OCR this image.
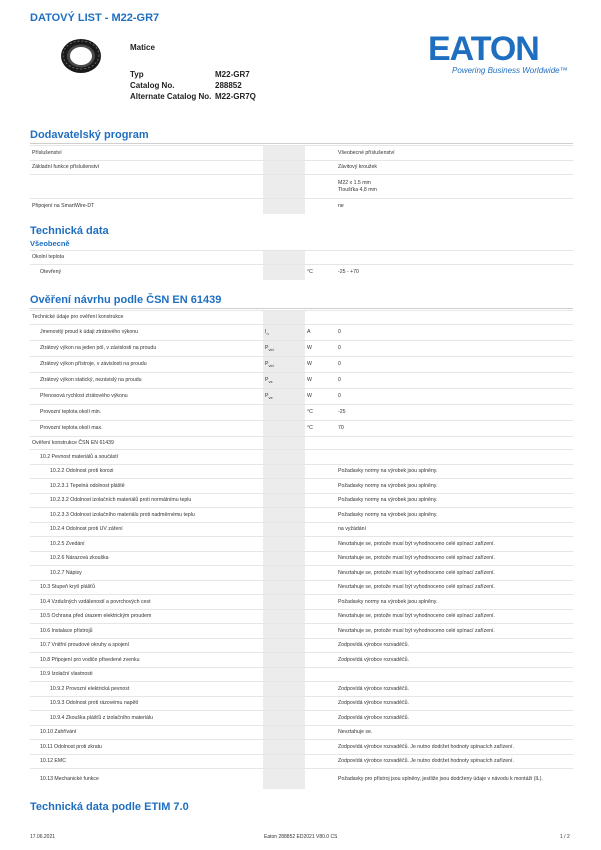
DATOVÝ LIST - M22-GR7
Matice
Typ	M22-GR7
Catalog No.	288852
Alternate Catalog No. M22-GR7Q
EATON
Powering Business Worldwide™
Dodavatelský program
Příslušenství			Všeobecné příslušenství
Základní funkce příslušenství			Závitový kroužek

			M22 x 1.5 mm
Tloušťka 4,8 mm

Připojení na SmartWire-DT			ne
Technická data
Všeobecně
Okolní teplota			
Otevřený		°C	-25 - +70
Ověření návrhu podle ČSN EN 61439
Technické údaje pro ověření konstrukce			
Jmenovitý proud k údaji ztrátového výkonu	$I_n$	A	0
Ztrátový výkon na jeden pól, v závislosti na proudu	$P_{vid}$	W	0
Ztrátový výkon přístroje, v závislosti na proudu	$P_{vid}$	W	0
Ztrátový výkon statický, nezávislý na proudu	$P_{vs}$	W	0
Přenosová rychlost ztrátového výkonu	$P_{ve}$	W	0
Provozní teplota okolí min.		°C	-25
Provozní teplota okolí max.		°C	70
Ověření konstrukce ČSN EN 61439			
10.2 Pevnost materiálů a součástí			
10.2.2 Odolnost proti korozi			Požadavky normy na výrobek jsou splněny.
10.2.3.1 Tepelná odolnost pláště			Požadavky normy na výrobek jsou splněny.
10.2.3.2 Odolnost izolačních materiálů proti normálnímu teplu			Požadavky normy na výrobek jsou splněny.
10.2.3.3 Odolnost izolačního materiálu proti nadměrnému teplu			Požadavky normy na výrobek jsou splněny.
10.2.4 Odolnost proti UV záření			na vyžádání
10.2.5 Zvedání			Nevztahuje se, protože musí být vyhodnoceno celé spínací zařízení.
10.2.6 Nárazová zkouška			Nevztahuje se, protože musí být vyhodnoceno celé spínací zařízení.
10.2.7 Nápisy			Nevztahuje se, protože musí být vyhodnoceno celé spínací zařízení.
10.3 Stupeň krytí plášťů			Nevztahuje se, protože musí být vyhodnoceno celé spínací zařízení.
10.4 Vzdušných vzdáleností a povrchových cest			Požadavky normy na výrobek jsou splněny.
10.5 Ochrana před úrazem elektrickým proudem			Nevztahuje se, protože musí být vyhodnoceno celé spínací zařízení.
10.6 Instalace přístrojů			Nevztahuje se, protože musí být vyhodnoceno celé spínací zařízení.
10.7 Vnitřní proudové okruhy a spojení			Zodpovídá výrobce rozvaděčů.
10.8 Připojení pro vodiče přivedené zvenku			Zodpovídá výrobce rozvaděčů.
10.9 Izolační vlastnosti			
10.9.2 Provozní elektrická pevnost			Zodpovídá výrobce rozvaděčů.
10.9.3 Odolnost proti rázovému napětí			Zodpovídá výrobce rozvaděčů.
10.9.4 Zkouška plášťů z izolačního materiálu			Zodpovídá výrobce rozvaděčů.
10.10 Zahřívání			Nevztahuje se.
10.11 Odolnost proti zkratu			Zodpovídá výrobce rozvaděčů. Je nutno dodržet hodnoty spínacích zařízení.
10.12 EMC			Zodpovídá výrobce rozvaděčů. Je nutno dodržet hodnoty spínacích zařízení.
10.13 Mechanické funkce			Požadavky pro přístroj jsou splněny, jestliže jsou dodrženy údaje v návodu k montáži (IL).
Technická data podle ETIM 7.0
17.06.2021	Eaton 288852 ED2021 V80.0 CS	1 / 2
